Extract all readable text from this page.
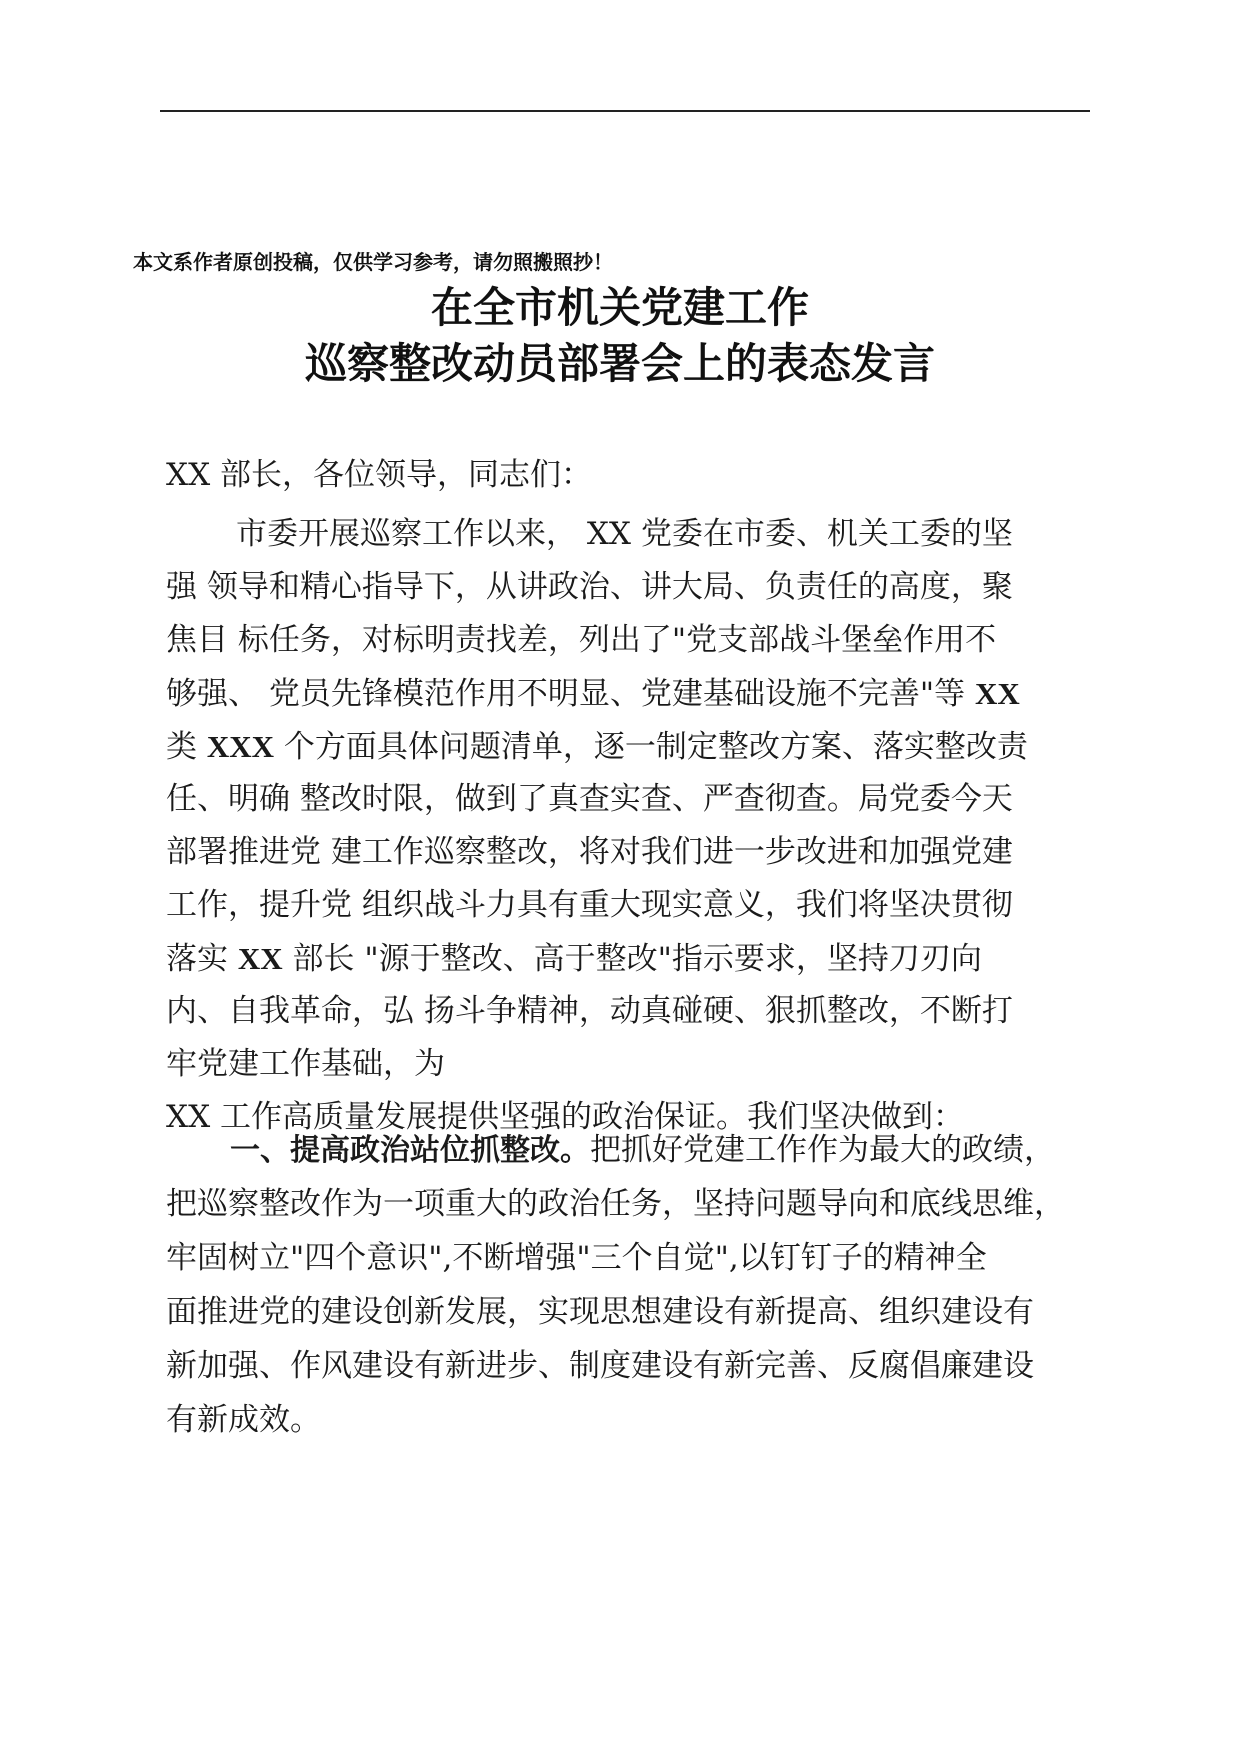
本文系作者原创投稿，仅供学习参考，请勿照搬照抄！

在全市机关党建工作
巡察整改动员部署会上的表态发言

XX 部长，各位领导，同志们：

市委开展巡察工作以来， XX 党委在市委、机关工委的坚
强 领导和精心指导下，从讲政治、讲大局、负责任的高度，聚
焦目 标任务，对标明责找差，列出了"党支部战斗堡垒作用不
够强、 党员先锋模范作用不明显、党建基础设施不完善"等 XX
类 XXX 个方面具体问题清单，逐一制定整改方案、落实整改责
任、明确 整改时限，做到了真查实查、严查彻查。局党委今天
部署推进党 建工作巡察整改，将对我们进一步改进和加强党建
工作，提升党 组织战斗力具有重大现实意义，我们将坚决贯彻
落实 XX 部长 "源于整改、高于整改"指示要求，坚持刀刃向
内、自我革命，弘 扬斗争精神，动真碰硬、狠抓整改，不断打
牢党建工作基础，为
XX 工作高质量发展提供坚强的政治保证。我们坚决做到：
一、提高政治站位抓整改。把抓好党建工作作为最大的政绩，
把巡察整改作为一项重大的政治任务，坚持问题导向和底线思维，
牢固树立"四个意识",不断增强"三个自觉",以钉钉子的精神全
面推进党的建设创新发展，实现思想建设有新提高、组织建设有
新加强、作风建设有新进步、制度建设有新完善、反腐倡廉建设
有新成效。
